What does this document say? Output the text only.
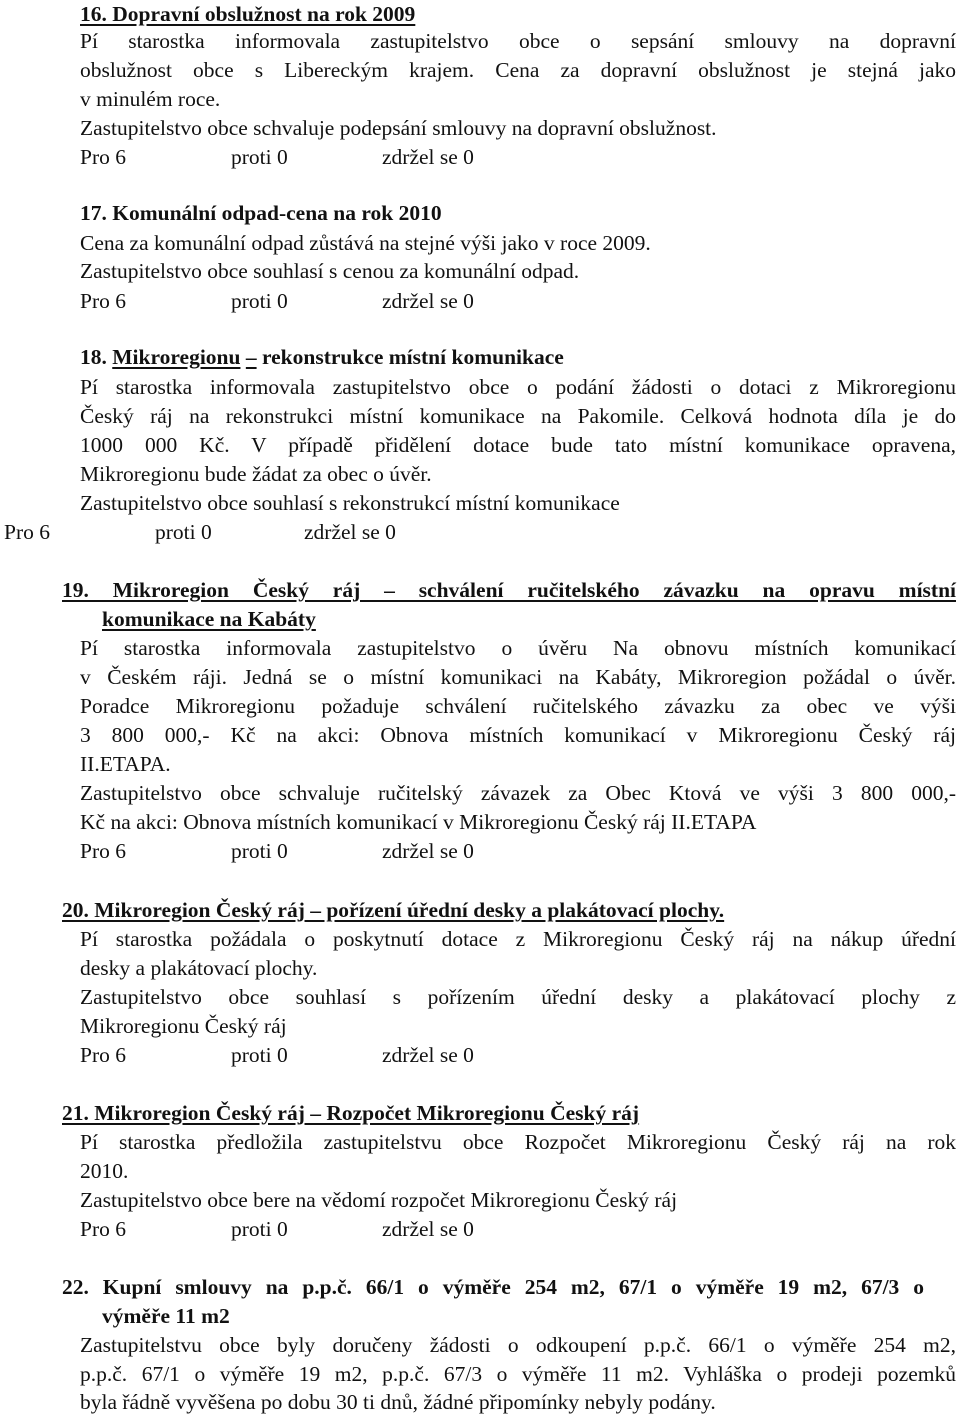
16. Dopravní obslužnost na rok 2009
Pí starostka informovala zastupitelstvo obce o sepsání smlouvy na dopravní
obslužnost obce s Libereckým krajem. Cena za dopravní obslužnost je stejná jako
v minulém roce.
Zastupitelstvo obce schvaluje podepsání smlouvy na dopravní obslužnost.

Pro 6

	proti 0

	zdržel se 0

17. Komunální odpad-cena na rok 2010
Cena za komunální odpad zůstává na stejné výši jako v roce 2009.
Zastupitelstvo obce souhlasí s cenou za komunální odpad.

Pro 6

	proti 0

	zdržel se 0

18. Mikroregionu – rekonstrukce místní komunikace
Pí starostka informovala zastupitelstvo obce o podání žádosti o dotaci z Mikroregionu
Český ráj na rekonstrukci místní komunikace na Pakomile. Celková hodnota díla je do
1000 000 Kč. V případě přidělení dotace bude tato místní komunikace opravena,
Mikroregionu bude žádat za obec o úvěr.
Zastupitelstvo obce souhlasí s rekonstrukcí místní komunikace

Pro 6

	proti 0

	zdržel se 0

19. Mikroregion Český ráj – schválení ručitelského závazku na opravu místní
komunikace na Kabáty
Pí starostka informovala zastupitelstvo o úvěru Na obnovu místních komunikací
v Českém ráji. Jedná se o místní komunikaci na Kabáty, Mikroregion požádal o úvěr.
Poradce Mikroregionu požaduje schválení ručitelského závazku za obec ve výši
3 800 000,- Kč na akci: Obnova místních komunikací v Mikroregionu Český ráj
II.ETAPA.
Zastupitelstvo obce schvaluje ručitelský závazek za Obec Ktová ve výši 3 800 000,-
Kč na akci: Obnova místních komunikací v Mikroregionu Český ráj II.ETAPA

Pro 6

	proti 0

	zdržel se 0

20. Mikroregion Český ráj – pořízení úřední desky a plakátovací plochy.
Pí starostka požádala o poskytnutí dotace z Mikroregionu Český ráj na nákup úřední
desky a plakátovací plochy.
Zastupitelstvo obce souhlasí s pořízením úřední desky a plakátovací plochy z
Mikroregionu Český ráj

Pro 6

	proti 0

	zdržel se 0

21. Mikroregion Český ráj – Rozpočet Mikroregionu Český ráj
Pí starostka předložila zastupitelstvu obce Rozpočet Mikroregionu Český ráj na rok
2010.
Zastupitelstvo obce bere na vědomí rozpočet Mikroregionu Český ráj

Pro 6

	proti 0

	zdržel se 0

22. Kupní smlouvy na p.p.č. 66/1 o výměře 254 m2, 67/1 o výměře 19 m2, 67/3 o
výměře 11 m2
Zastupitelstvu obce byly doručeny žádosti o odkoupení p.p.č. 66/1 o výměře 254 m2,
p.p.č. 67/1 o výměře 19 m2, p.p.č. 67/3 o výměře 11 m2. Vyhláška o prodeji pozemků
byla řádně vyvěšena po dobu 30 ti dnů, žádné připomínky nebyly podány.
